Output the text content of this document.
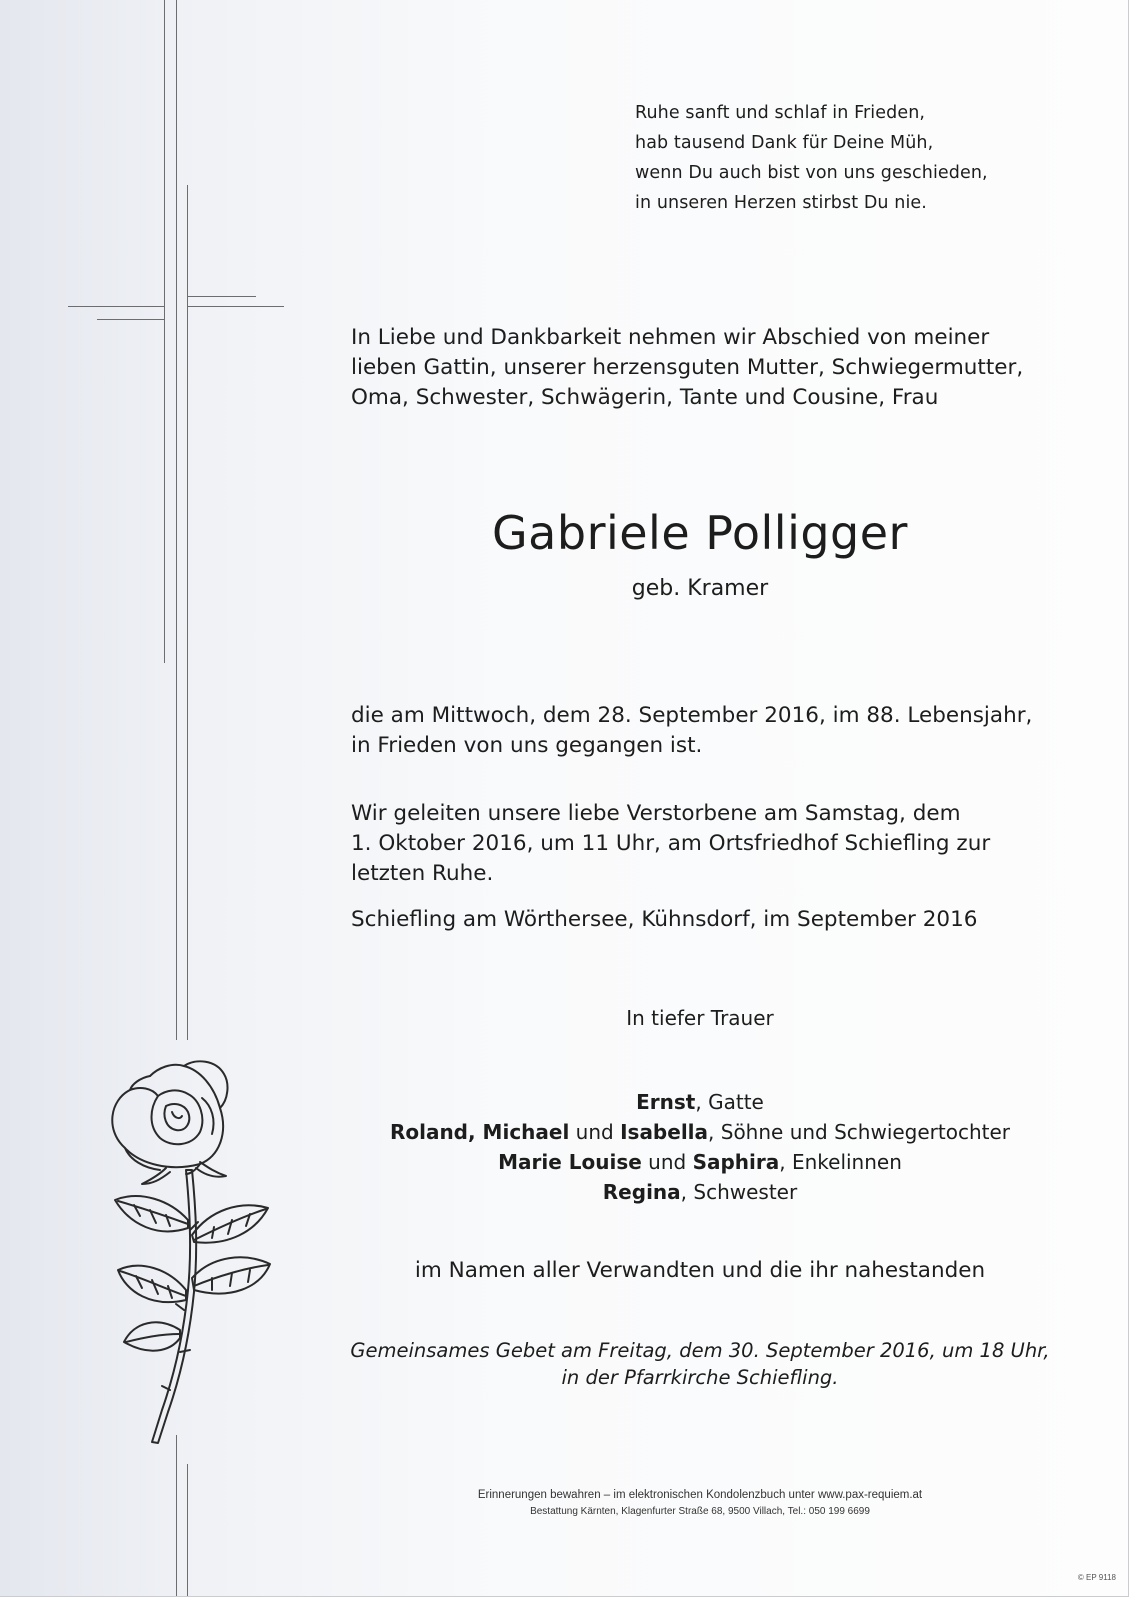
Ruhe sanft und schlaf in Frieden,
hab tausend Dank für Deine Müh,
wenn Du auch bist von uns geschieden,
in unseren Herzen stirbst Du nie.
In Liebe und Dankbarkeit nehmen wir Abschied von meiner
lieben Gattin, unserer herzensguten Mutter, Schwiegermutter,
Oma, Schwester, Schwägerin, Tante und Cousine, Frau
Gabriele Polligger
geb. Kramer
die am Mittwoch, dem 28. September 2016, im 88. Lebensjahr,
in Frieden von uns gegangen ist.
Wir geleiten unsere liebe Verstorbene am Samstag, dem
1. Oktober 2016, um 11 Uhr, am Ortsfriedhof Schiefling zur
letzten Ruhe.
Schiefling am Wörthersee, Kühnsdorf, im September 2016
In tiefer Trauer
Ernst, Gatte
Roland, Michael und Isabella, Söhne und Schwiegertochter
Marie Louise und Saphira, Enkelinnen
Regina, Schwester
im Namen aller Verwandten und die ihr nahestanden
Gemeinsames Gebet am Freitag, dem 30. September 2016, um 18 Uhr,
in der Pfarrkirche Schiefling.
Erinnerungen bewahren – im elektronischen Kondolenzbuch unter www.pax-requiem.at
Bestattung Kärnten, Klagenfurter Straße 68, 9500 Villach, Tel.: 050 199 6699
© EP 9118
